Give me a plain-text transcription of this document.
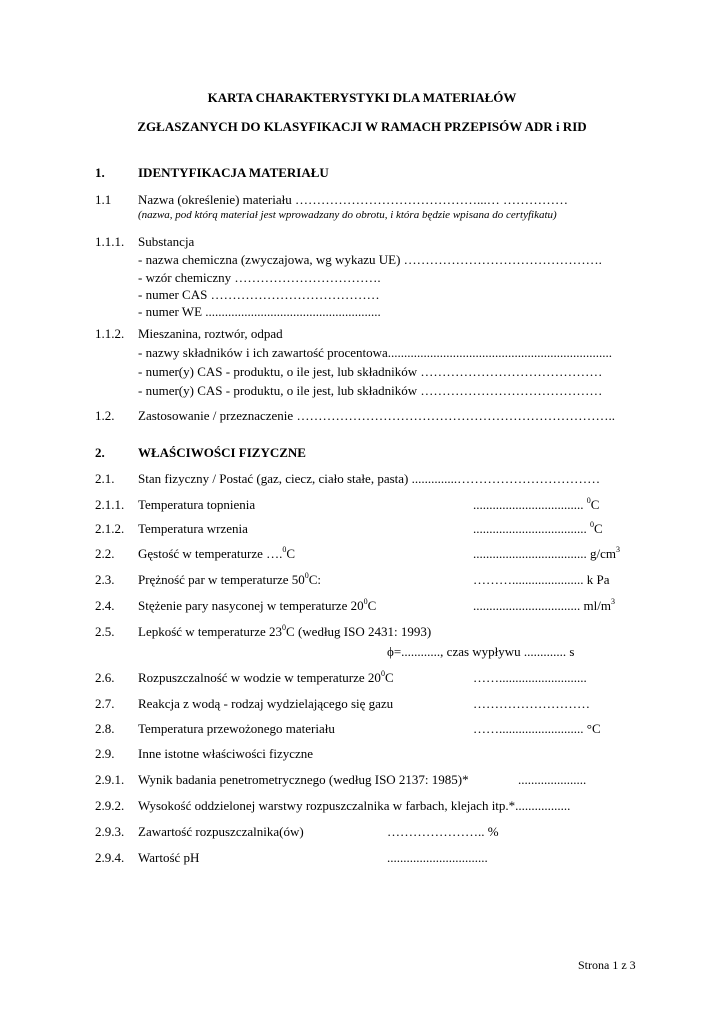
KARTA CHARAKTERYSTYKI DLA MATERIAŁÓW
ZGŁASZANYCH DO KLASYFIKACJI W RAMACH PRZEPISÓW ADR i RID
1.	IDENTYFIKACJA MATERIAŁU
1.1 Nazwa (określenie) materiału ……………………………………...… ……………
(nazwa, pod którą materiał jest wprowadzany do obrotu, i która będzie wpisana do certyfikatu)
1.1.1. Substancja
- nazwa chemiczna (zwyczajowa, wg wykazu UE) ……………………………………….
- wzór chemiczny …………………………….
- numer CAS …………………………………
- numer WE ......................................................
1.1.2. Mieszanina, roztwór, odpad
- nazwy składników i ich zawartość procentowa.....................................................................
- numer(y) CAS - produktu, o ile jest, lub składników ……………………………………
- numer(y) CAS - produktu, o ile jest, lub składników ……………………………………
1.2. Zastosowanie / przeznaczenie ………………………………………………………………..
2.	WŁAŚCIWOŚCI FIZYCZNE
2.1. Stan fizyczny / Postać (gaz, ciecz, ciało stałe, pasta) ..............……………………………
2.1.1. Temperatura topnienia	.................................. $^0$C
2.1.2. Temperatura wrzenia	................................... $^0$C
2.2. Gęstość w temperaturze ….$^0$C	................................... $g/cm^3$
2.3. Prężność par w temperaturze $50^0C$:	………...................... k Pa
2.4. Stężenie pary nasyconej w temperaturze $20^0C$	................................. $ml/m^3$
2.5. Lepkość w temperaturze $23^0C$ (według ISO 2431: 1993)
ϕ=............, czas wypływu ............. s
2.6. Rozpuszczalność w wodzie w temperaturze $20^0C$	……...........................
2.7. Reakcja z wodą - rodzaj wydzielającego się gazu	………………………
2.8. Temperatura przewożonego materiału	…….......................... °C
2.9. Inne istotne właściwości fizyczne
2.9.1. Wynik badania penetrometrycznego (według ISO 2137: 1985)*	.....................
2.9.2. Wysokość oddzielonej warstwy rozpuszczalnika w farbach, klejach itp.*.................
2.9.3. Zawartość rozpuszczalnika(ów)	………………….. %
2.9.4. Wartość pH	...............................
Strona 1 z 3
